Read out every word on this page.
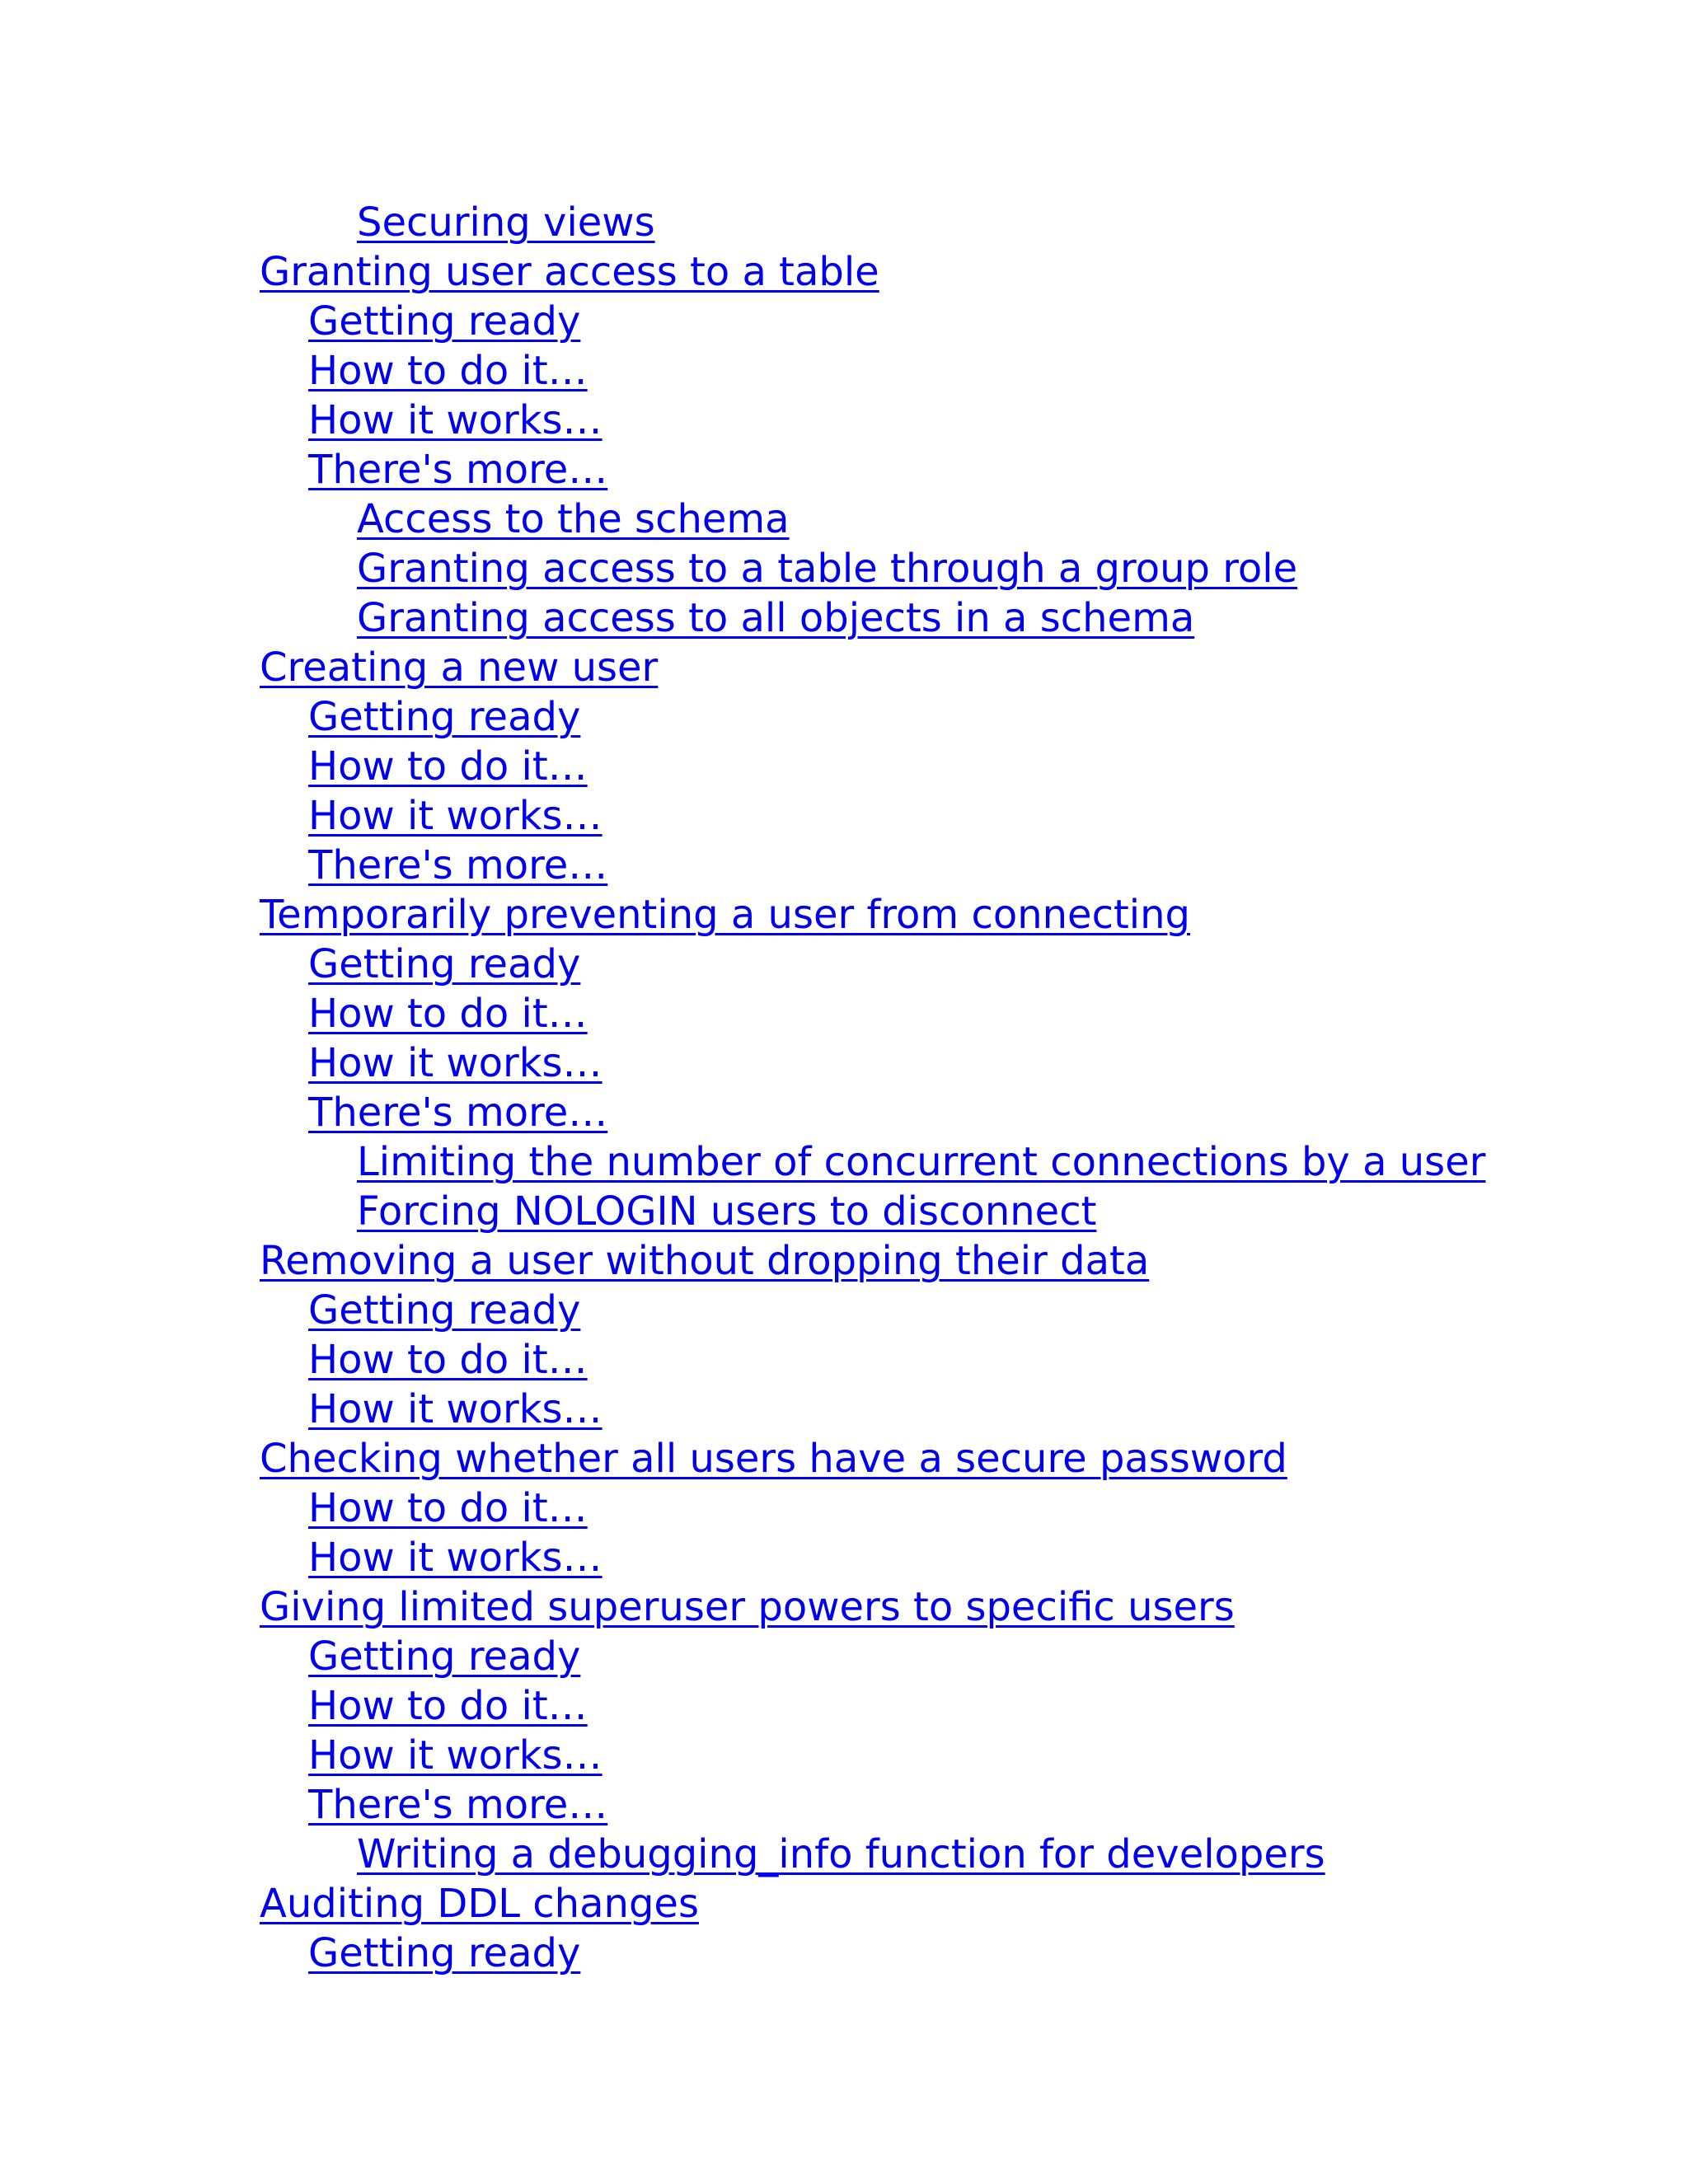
Securing views
Granting user access to a table
Getting ready
How to do it…
How it works…
There's more…
Access to the schema
Granting access to a table through a group role
Granting access to all objects in a schema
Creating a new user
Getting ready
How to do it…
How it works…
There's more…
Temporarily preventing a user from connecting
Getting ready
How to do it…
How it works…
There's more…
Limiting the number of concurrent connections by a user
Forcing NOLOGIN users to disconnect
Removing a user without dropping their data
Getting ready
How to do it…
How it works…
Checking whether all users have a secure password
How to do it…
How it works…
Giving limited superuser powers to specific users
Getting ready
How to do it…
How it works…
There's more…
Writing a debugging_info function for developers
Auditing DDL changes
Getting ready
